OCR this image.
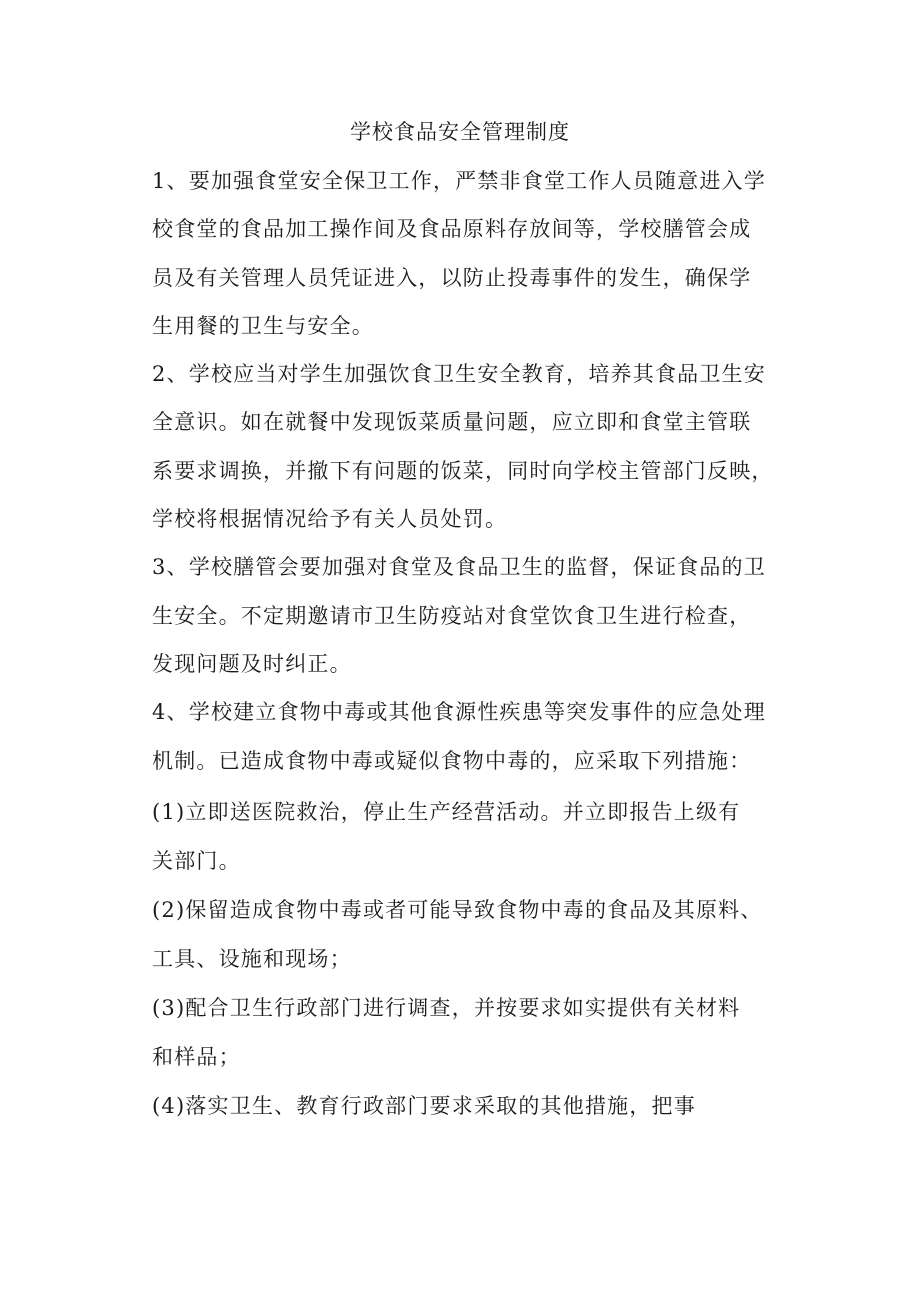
学校食品安全管理制度
1、要加强食堂安全保卫工作，严禁非食堂工作人员随意进入学
校食堂的食品加工操作间及食品原料存放间等，学校膳管会成
员及有关管理人员凭证进入，以防止投毒事件的发生，确保学
生用餐的卫生与安全。
2、学校应当对学生加强饮食卫生安全教育，培养其食品卫生安
全意识。如在就餐中发现饭菜质量问题，应立即和食堂主管联
系要求调换，并撤下有问题的饭菜，同时向学校主管部门反映，
学校将根据情况给予有关人员处罚。
3、学校膳管会要加强对食堂及食品卫生的监督，保证食品的卫
生安全。不定期邀请市卫生防疫站对食堂饮食卫生进行检查，
发现问题及时纠正。
4、学校建立食物中毒或其他食源性疾患等突发事件的应急处理
机制。已造成食物中毒或疑似食物中毒的，应采取下列措施：
(1)立即送医院救治，停止生产经营活动。并立即报告上级有
关部门。
(2)保留造成食物中毒或者可能导致食物中毒的食品及其原料、
工具、设施和现场；
(3)配合卫生行政部门进行调查，并按要求如实提供有关材料
和样品；
(4)落实卫生、教育行政部门要求采取的其他措施，把事
